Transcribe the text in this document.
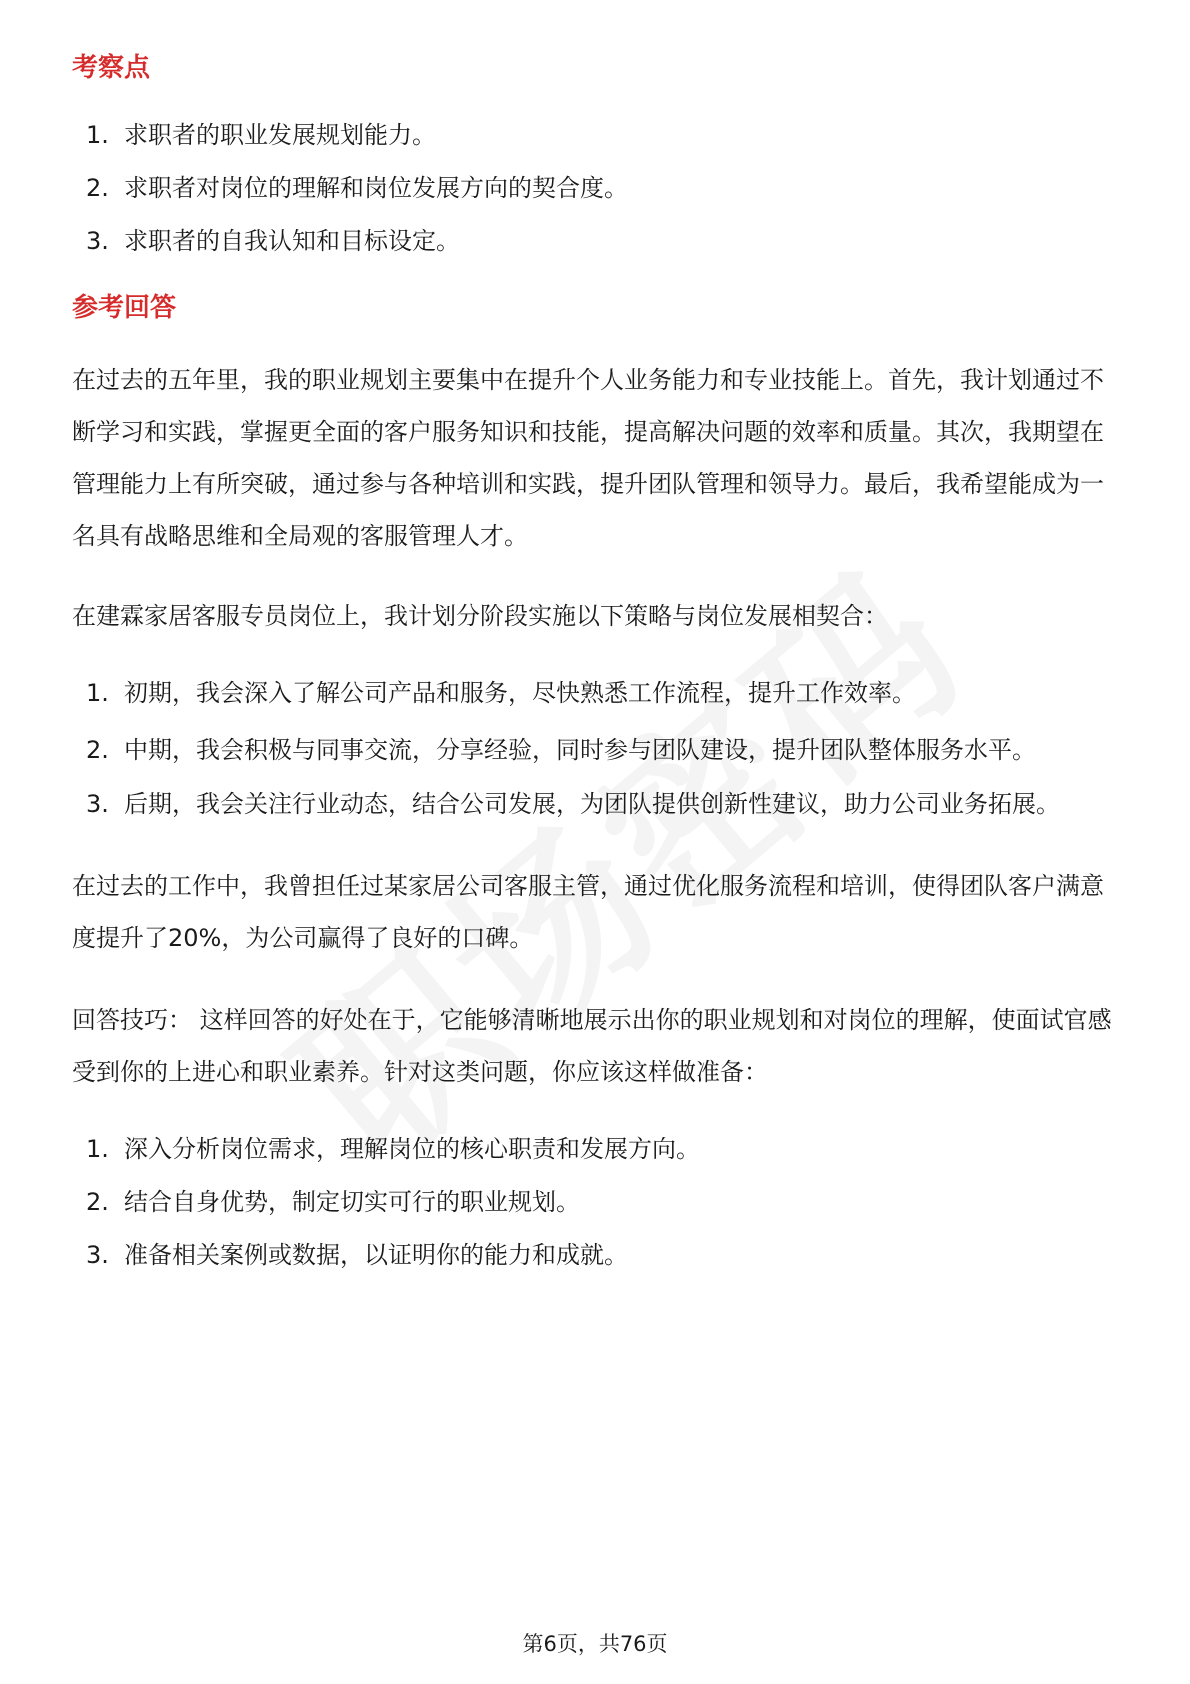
考察点
1. 求职者的职业发展规划能力。
2. 求职者对岗位的理解和岗位发展方向的契合度。
3. 求职者的自我认知和目标设定。
参考回答

在过去的五年里，我的职业规划主要集中在提升个人业务能力和专业技能上。首先，我计划通过不断学习和实践，掌握更全面的客户服务知识和技能，提高解决问题的效率和质量。其次，我期望在管理能力上有所突破，通过参与各种培训和实践，提升团队管理和领导力。最后，我希望能成为一名具有战略思维和全局观的客服管理人才。

在建霖家居客服专员岗位上，我计划分阶段实施以下策略与岗位发展相契合：

1. 初期，我会深入了解公司产品和服务，尽快熟悉工作流程，提升工作效率。
2. 中期，我会积极与同事交流，分享经验，同时参与团队建设，提升团队整体服务水平。
3. 后期，我会关注行业动态，结合公司发展，为团队提供创新性建议，助力公司业务拓展。

在过去的工作中，我曾担任过某家居公司客服主管，通过优化服务流程和培训，使得团队客户满意度提升了20%，为公司赢得了良好的口碑。

回答技巧： 这样回答的好处在于，它能够清晰地展示出你的职业规划和对岗位的理解，使面试官感受到你的上进心和职业素养。针对这类问题，你应该这样做准备：

1. 深入分析岗位需求，理解岗位的核心职责和发展方向。
2. 结合自身优势，制定切实可行的职业规划。
3. 准备相关案例或数据，以证明你的能力和成就。
第6页，共76页
